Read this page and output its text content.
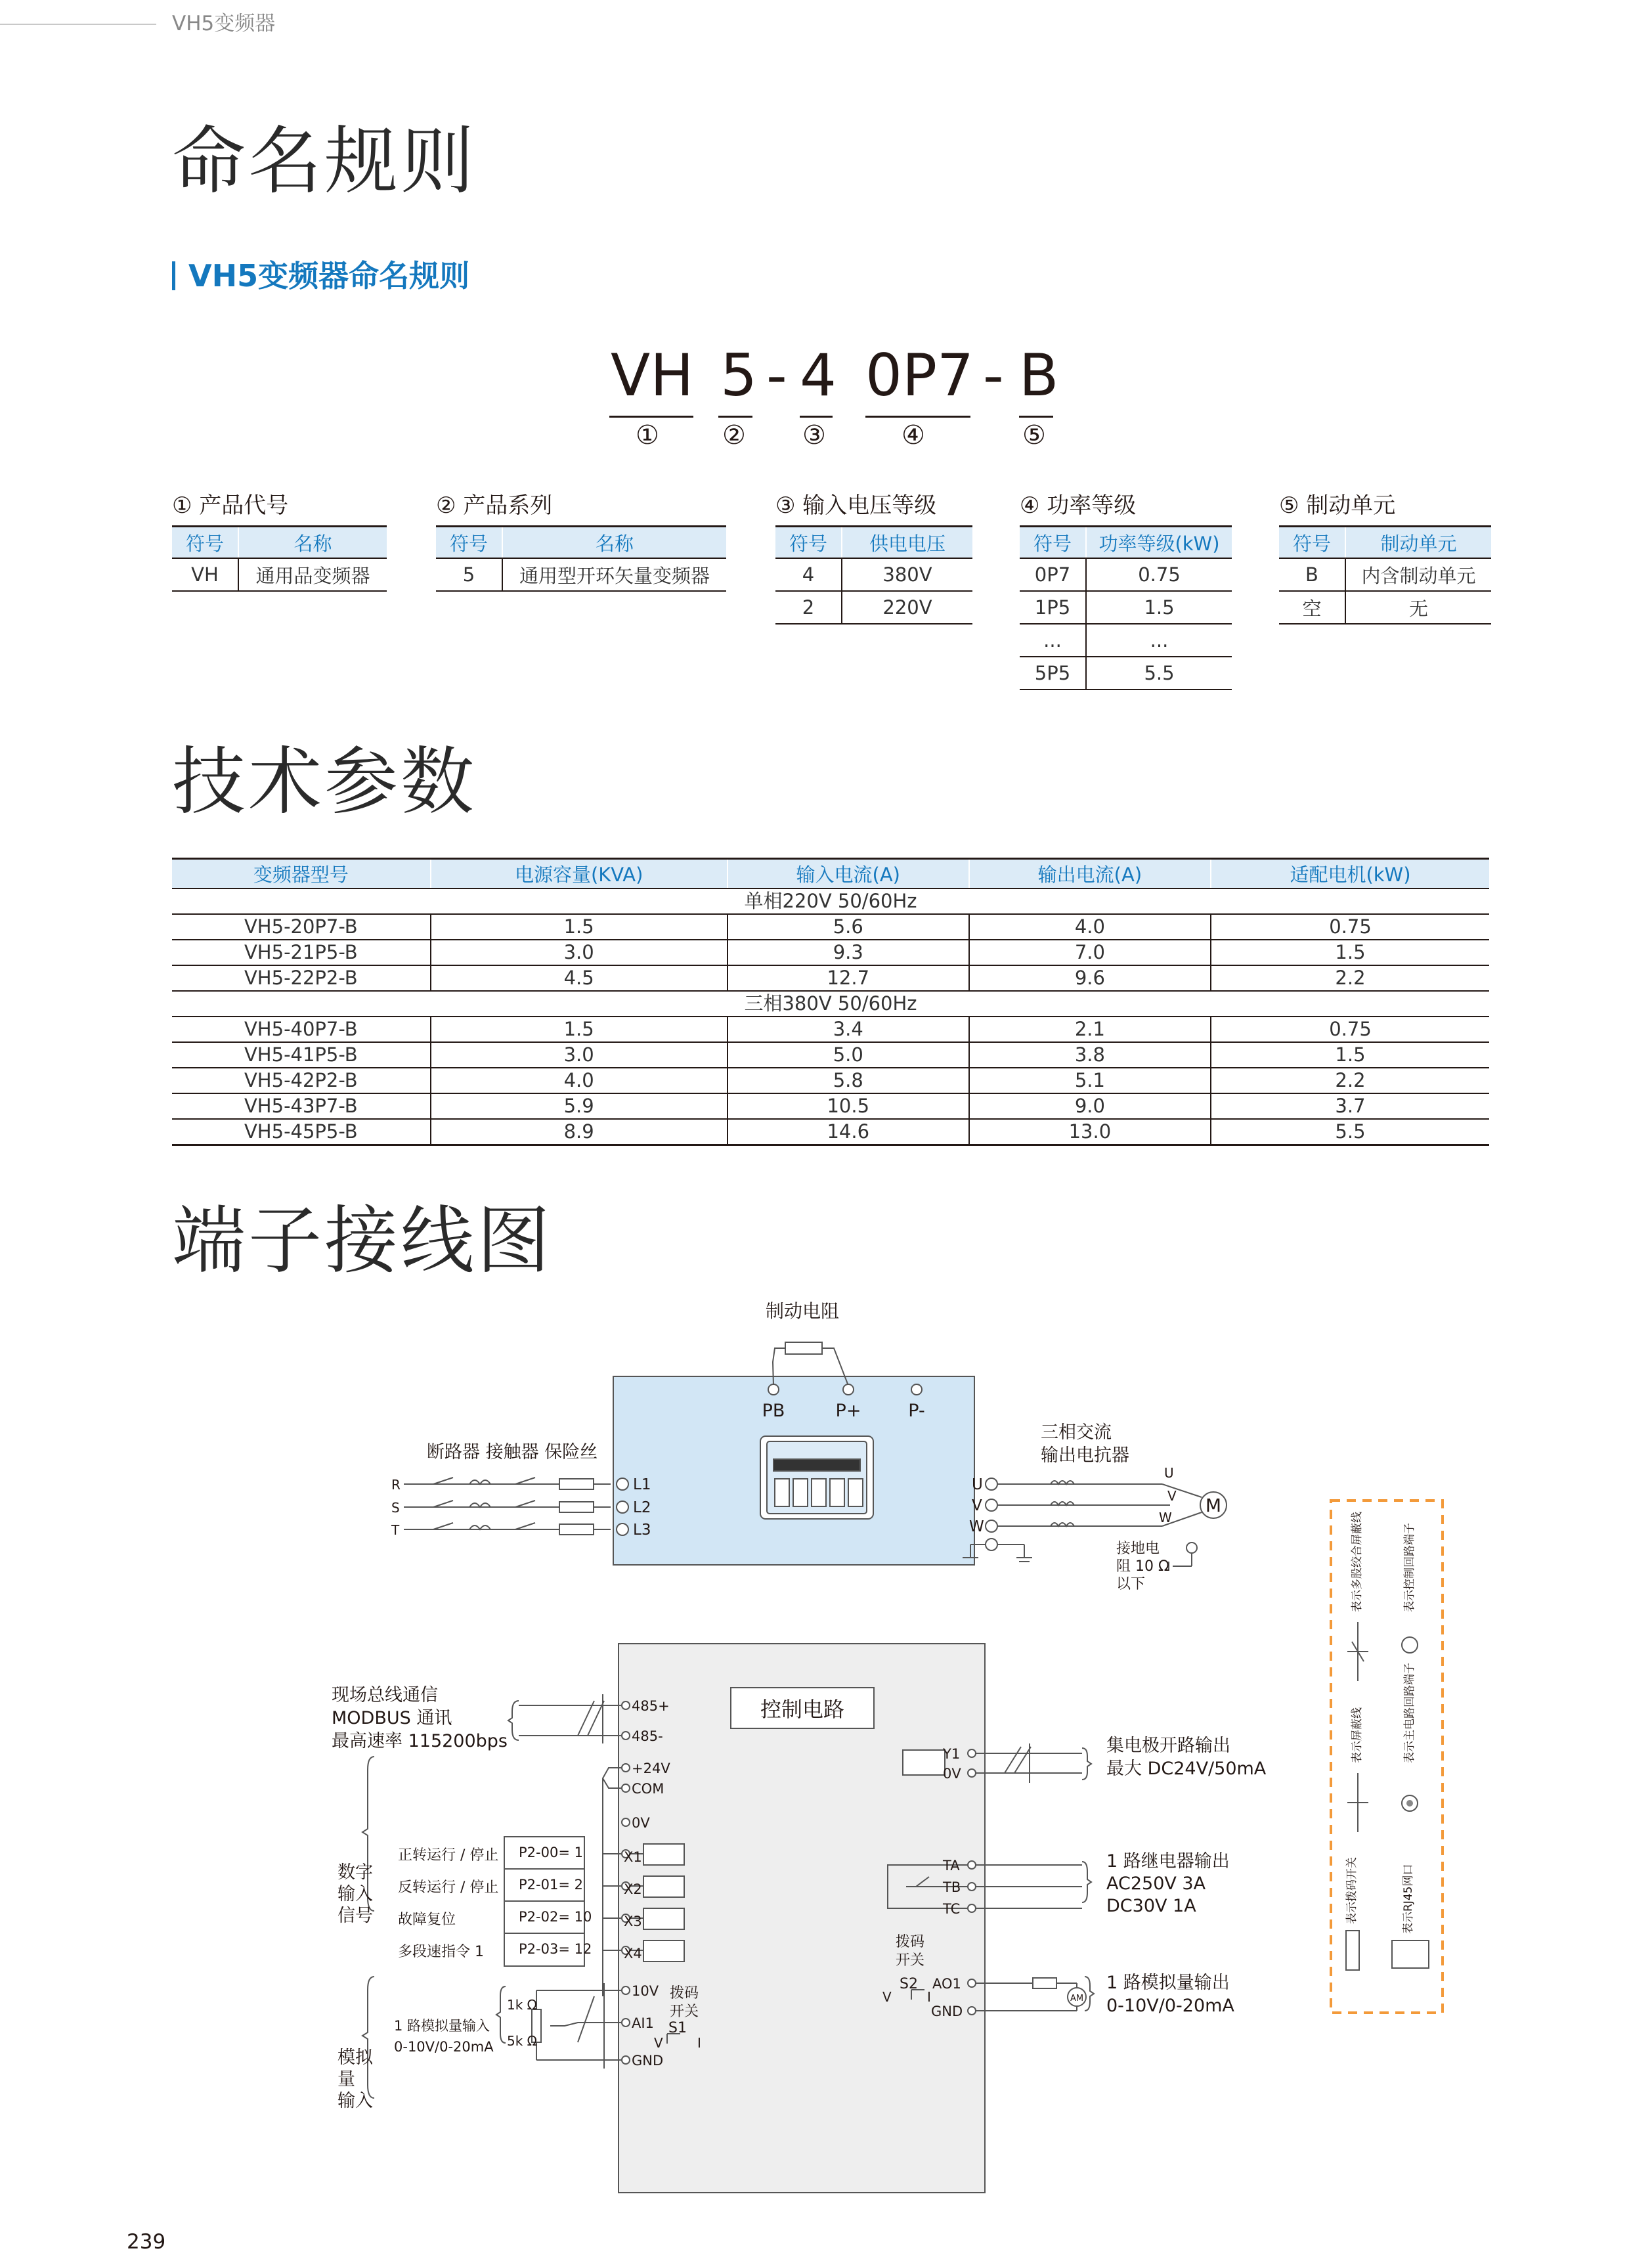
VH5变频器
命名规则
VH5变频器命名规则
VH 5 - 4 0P7 - B
① ② ③	④	⑤
① 产品代号
符号	名称
VH	通用品变频器
② 产品系列
符号	名称
5	通用型开环矢量变频器
③ 输入电压等级
符号	供电电压
4	380V
2	220V
④ 功率等级
符号	功率等级(kW)
0P7	0.75
1P5	1.5
...	...
5P5	5.5
⑤ 制动单元
符号	制动单元
B	内含制动单元
空	无
技术参数
变频器型号	电源容量(KVA)	输入电流(A)	输出电流(A)	适配电机(kW)
单相220V 50/60Hz				
VH5-20P7-B	1.5	5.6	4.0	0.75
VH5-21P5-B	3.0	9.3	7.0	1.5
VH5-22P2-B	4.5	12.7	9.6	2.2
三相380V 50/60Hz				
VH5-40P7-B	1.5	3.4	2.1	0.75
VH5-41P5-B	3.0	5.0	3.8	1.5
VH5-42P2-B	4.0	5.8	5.1	2.2
VH5-43P7-B	5.9	10.5	9.0	3.7
VH5-45P5-B	8.9	14.6	13.0	5.5
端子接线图
制动电阻
PB	P+	P-
断路器 接触器 保险丝
R
S
T
L1
L2
L3
U
V
W
U
V
W
M
三相交流
输出电抗器
接地电
阻 10 Ω
以下
控制电路
现场总线通信
MODBUS 通讯
最高速率 115200bps
485+
485-
+24V
COM
0V
数字
输入
信号
正转运行 / 停止
反转运行 / 停止
故障复位
多段速指令 1
P2-00= 1
P2-01= 2
P2-02= 10
P2-03= 12
X1
X2
X3
X4
模拟
量
输入
1 路模拟量输入
0-10V/0-20mA
1k Ω
5k Ω
10V
AI1
GND
拨码
开关
S1
V	I
拨码
开关
S2
V	I
Y1
0V
集电极开路输出
最大 DC24V/50mA
TA
TB
TC
1 路继电器输出
AC250V 3A
DC30V 1A
AO1
GND
AM
1 路模拟量输出
0-10V/0-20mA
表示多股绞合屏蔽线	表示控制回路端子
表示屏蔽线	表示主电路回路端子
表示拨码开关	表示RJ45网口
239
